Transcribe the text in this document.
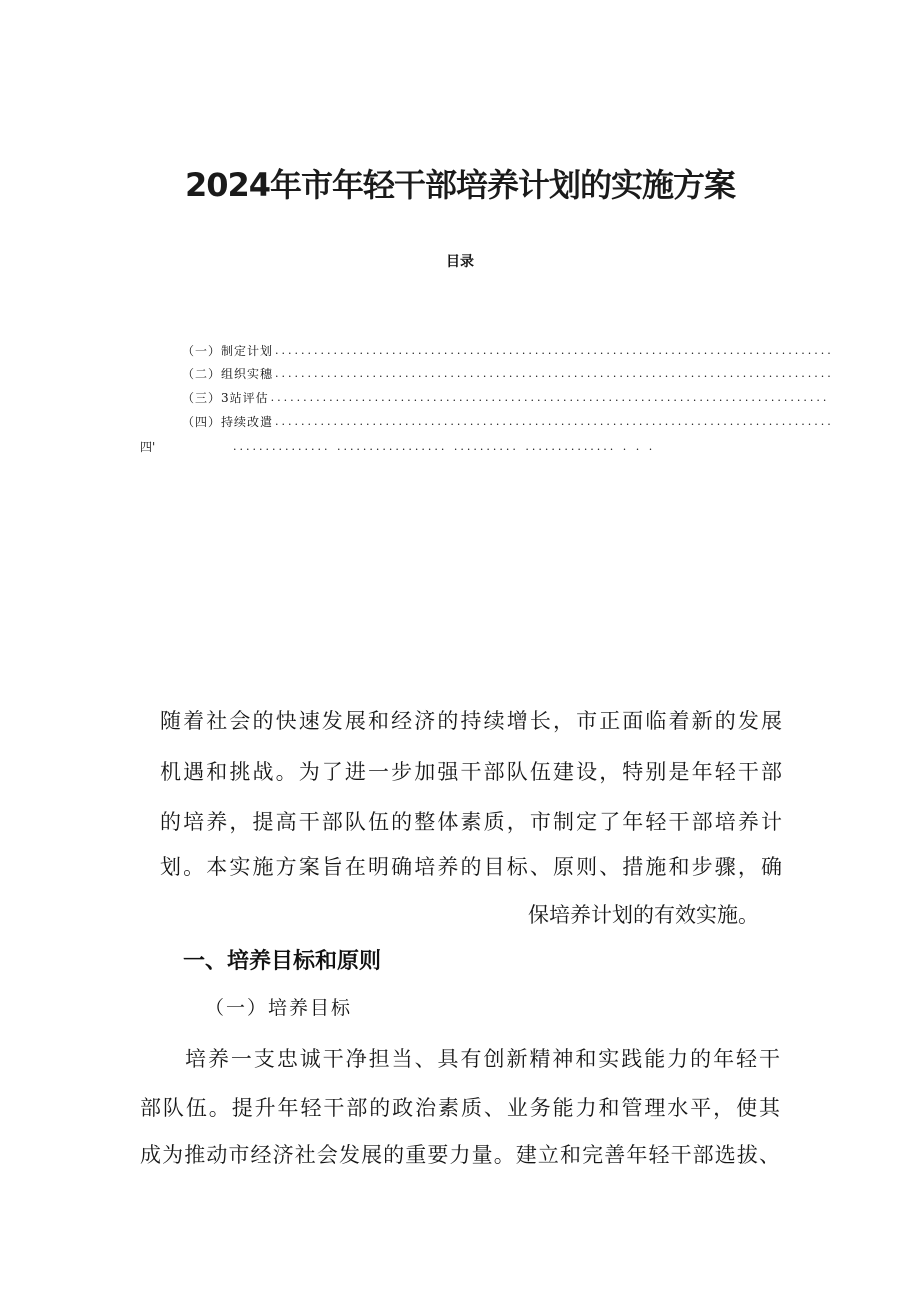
2024年市年轻干部培养计划的实施方案
目录
（一）制定计划 ......................................................................................
（二）组织实穗 ......................................................................................
（三）3站评估 ......................................................................................
（四）持续改遣 ......................................................................................
四'	............... ................. .......... .............. . . .
随着社会的快速发展和经济的持续增长，市正面临着新的发展
机遇和挑战。为了进一步加强干部队伍建设，特别是年轻干部
的培养，提高干部队伍的整体素质，市制定了年轻干部培养计
划。本实施方案旨在明确培养的目标、原则、措施和步骤，确
保培养计划的有效实施。
一、培养目标和原则
（一）培养目标
培养一支忠诚干净担当、具有创新精神和实践能力的年轻干
部队伍。提升年轻干部的政治素质、业务能力和管理水平，使其
成为推动市经济社会发展的重要力量。建立和完善年轻干部选拔、
